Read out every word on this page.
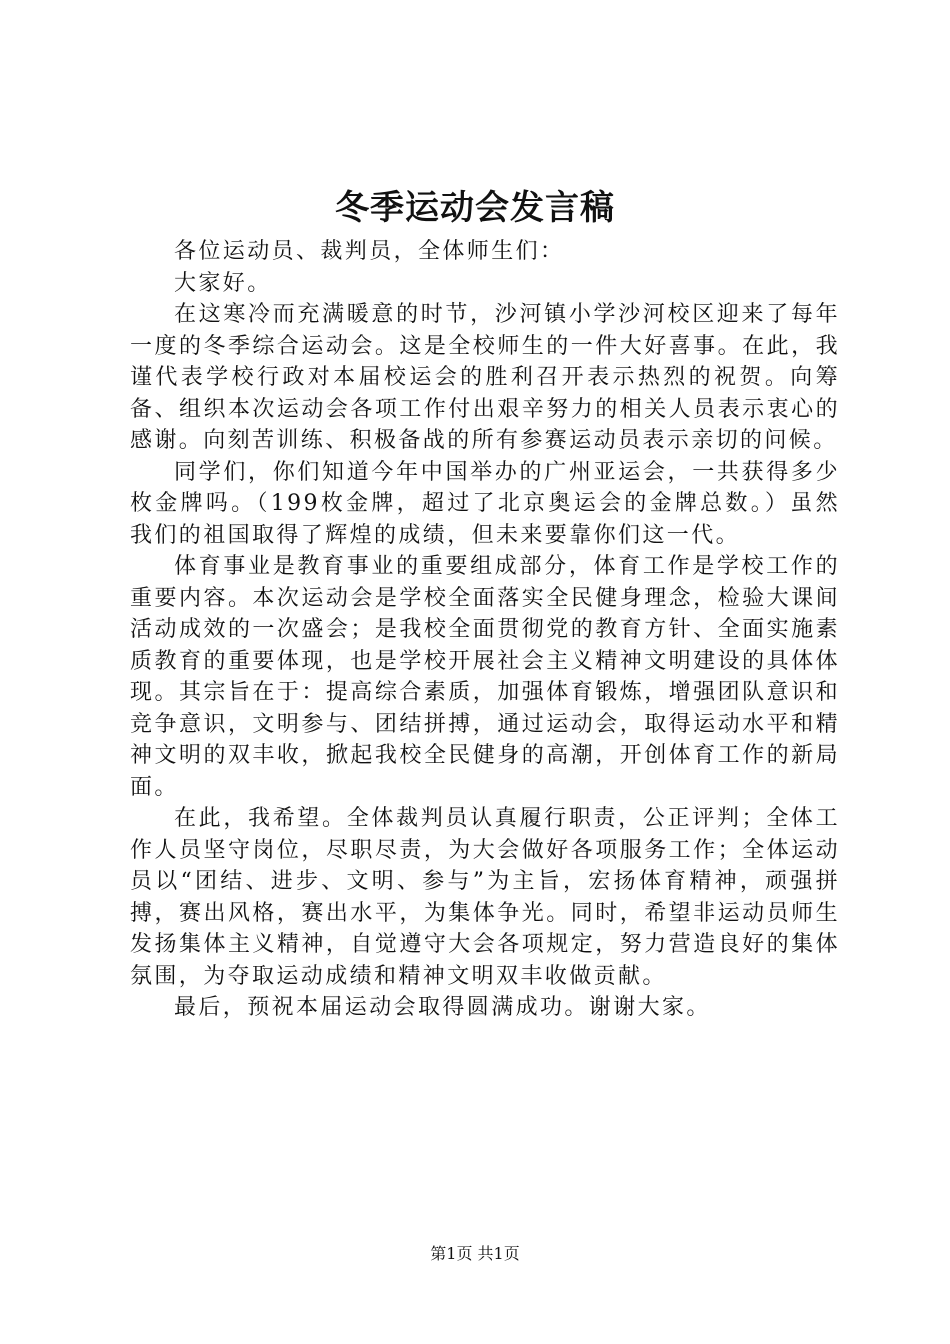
冬季运动会发言稿

各位运动员、裁判员，全体师生们：

大家好。

在这寒冷而充满暖意的时节，沙河镇小学沙河校区迎来了每年一度的冬季综合运动会。这是全校师生的一件大好喜事。在此，我谨代表学校行政对本届校运会的胜利召开表示热烈的祝贺。向筹备、组织本次运动会各项工作付出艰辛努力的相关人员表示衷心的感谢。向刻苦训练、积极备战的所有参赛运动员表示亲切的问候。

同学们，你们知道今年中国举办的广州亚运会，一共获得多少枚金牌吗。（199枚金牌，超过了北京奥运会的金牌总数。）虽然我们的祖国取得了辉煌的成绩，但未来要靠你们这一代。

体育事业是教育事业的重要组成部分，体育工作是学校工作的重要内容。本次运动会是学校全面落实全民健身理念，检验大课间活动成效的一次盛会；是我校全面贯彻党的教育方针、全面实施素质教育的重要体现，也是学校开展社会主义精神文明建设的具体体现。其宗旨在于：提高综合素质，加强体育锻炼，增强团队意识和竞争意识，文明参与、团结拼搏，通过运动会，取得运动水平和精神文明的双丰收，掀起我校全民健身的高潮，开创体育工作的新局面。

在此，我希望。全体裁判员认真履行职责，公正评判；全体工作人员坚守岗位，尽职尽责，为大会做好各项服务工作；全体运动员以“团结、进步、文明、参与”为主旨，宏扬体育精神，顽强拼搏，赛出风格，赛出水平，为集体争光。同时，希望非运动员师生发扬集体主义精神，自觉遵守大会各项规定，努力营造良好的集体氛围，为夺取运动成绩和精神文明双丰收做贡献。

最后，预祝本届运动会取得圆满成功。谢谢大家。

第1页 共1页
